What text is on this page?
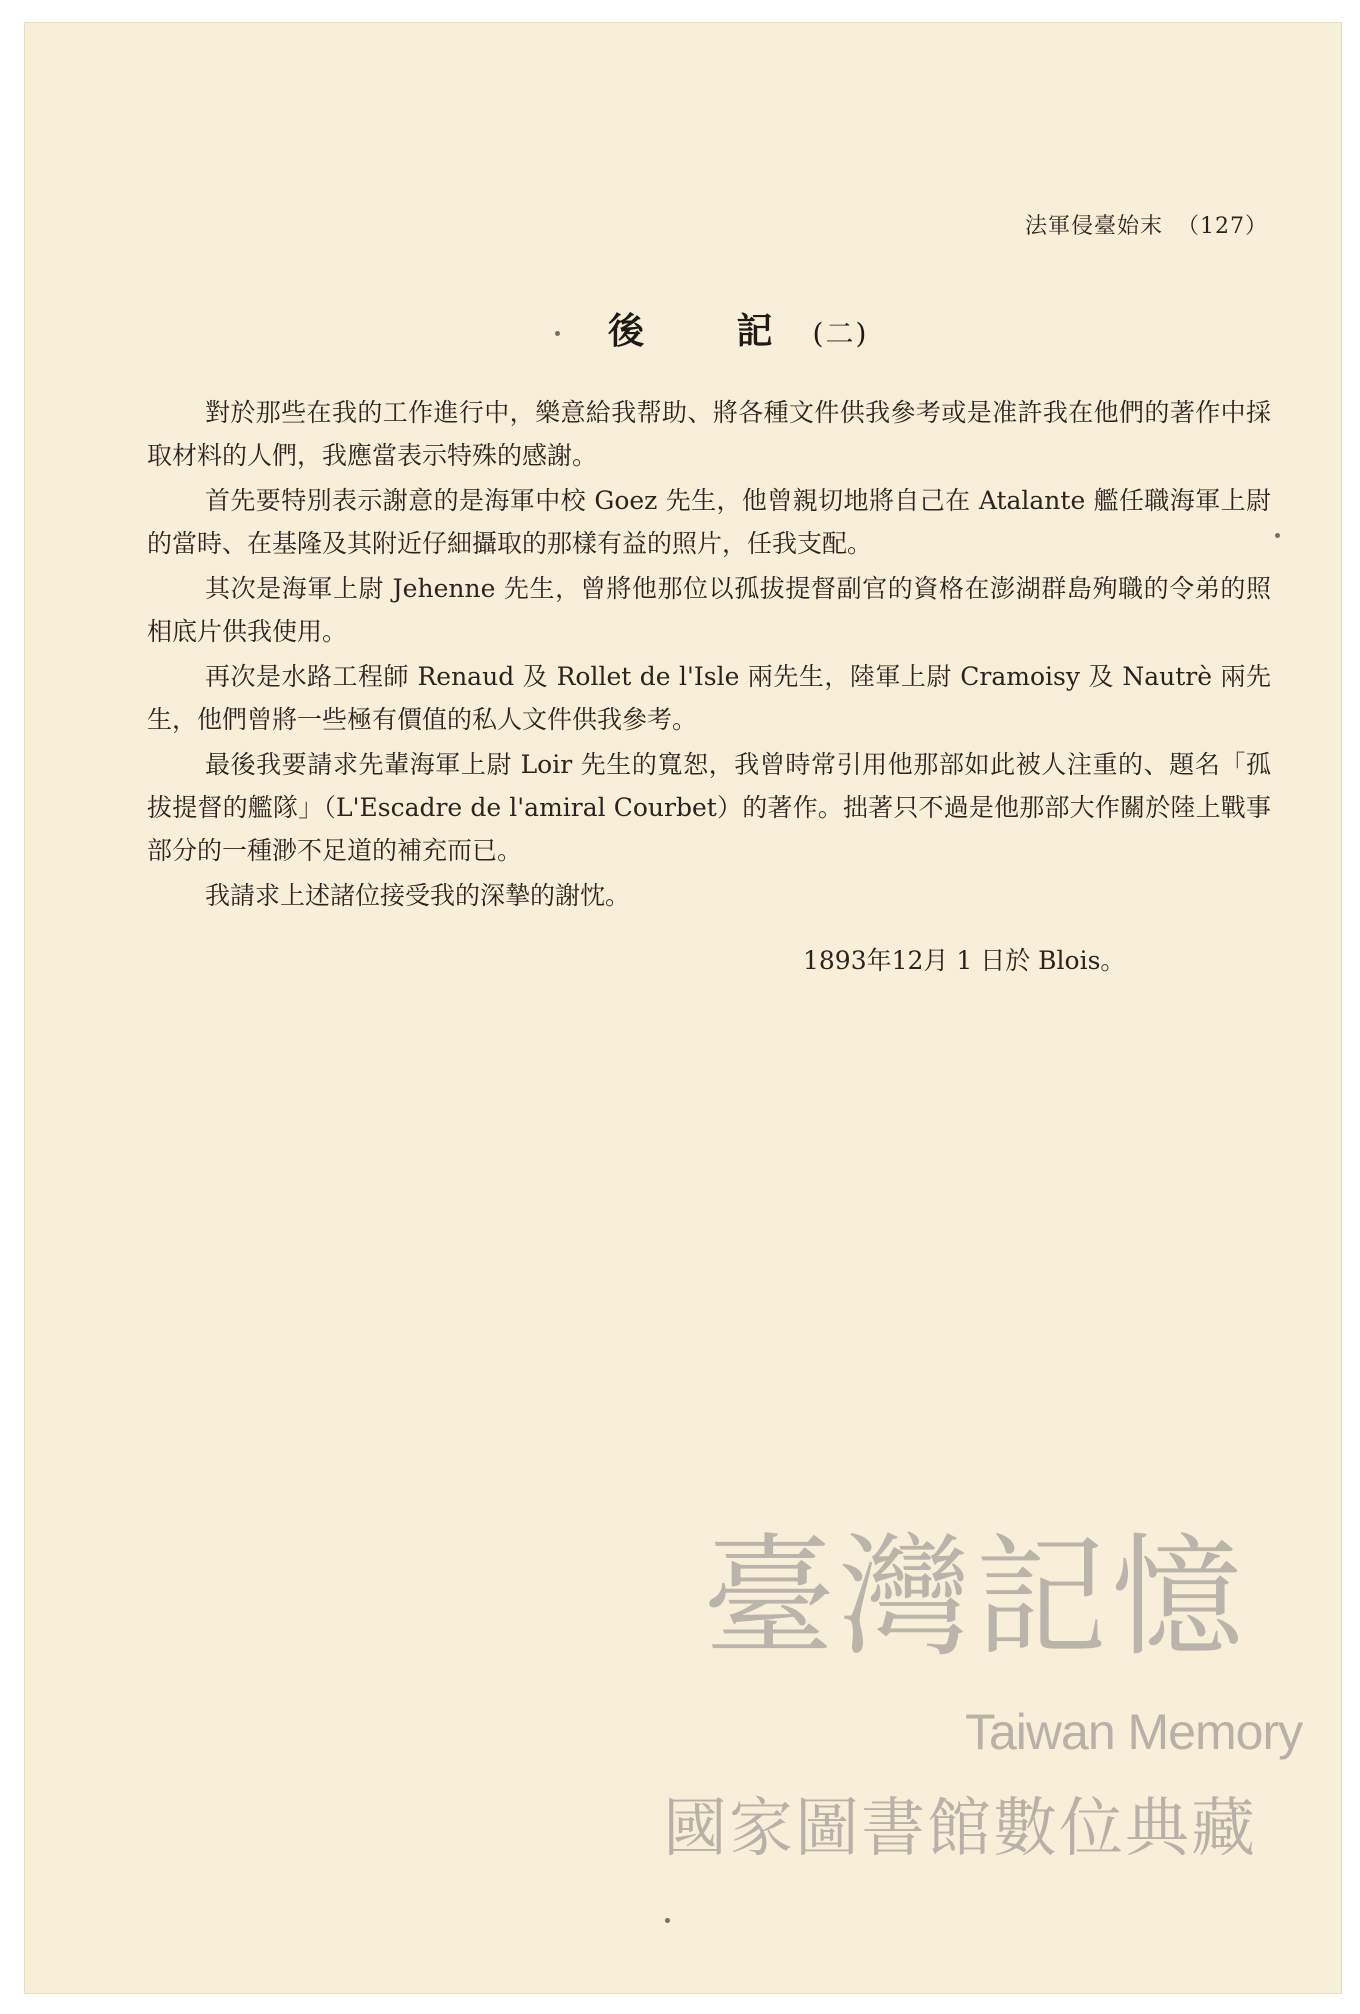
法軍侵臺始末 （127）
後 記(二)

對於那些在我的工作進行中，樂意給我帮助、將各種文件供我參考或是准許我在他們的著作中採取材料的人們，我應當表示特殊的感謝。

首先要特別表示謝意的是海軍中校 Goez 先生，他曾親切地將自己在 Atalante 艦任職海軍上尉的當時、在基隆及其附近仔細攝取的那樣有益的照片，任我支配。

其次是海軍上尉 Jehenne 先生，曾將他那位以孤拔提督副官的資格在澎湖群島殉職的令弟的照相底片供我使用。

再次是水路工程師 Renaud 及 Rollet de l'Isle 兩先生，陸軍上尉 Cramoisy 及 Nautrè 兩先生，他們曾將一些極有價值的私人文件供我參考。

最後我要請求先輩海軍上尉 Loir 先生的寬恕，我曾時常引用他那部如此被人注重的、題名「孤拔提督的艦隊」（L'Escadre de l'amiral Courbet）的著作。拙著只不過是他那部大作關於陸上戰事部分的一種渺不足道的補充而已。

我請求上述諸位接受我的深摯的謝忱。

1893年12月 1 日於 Blois。
臺灣記憶
Taiwan Memory
國家圖書館數位典藏
